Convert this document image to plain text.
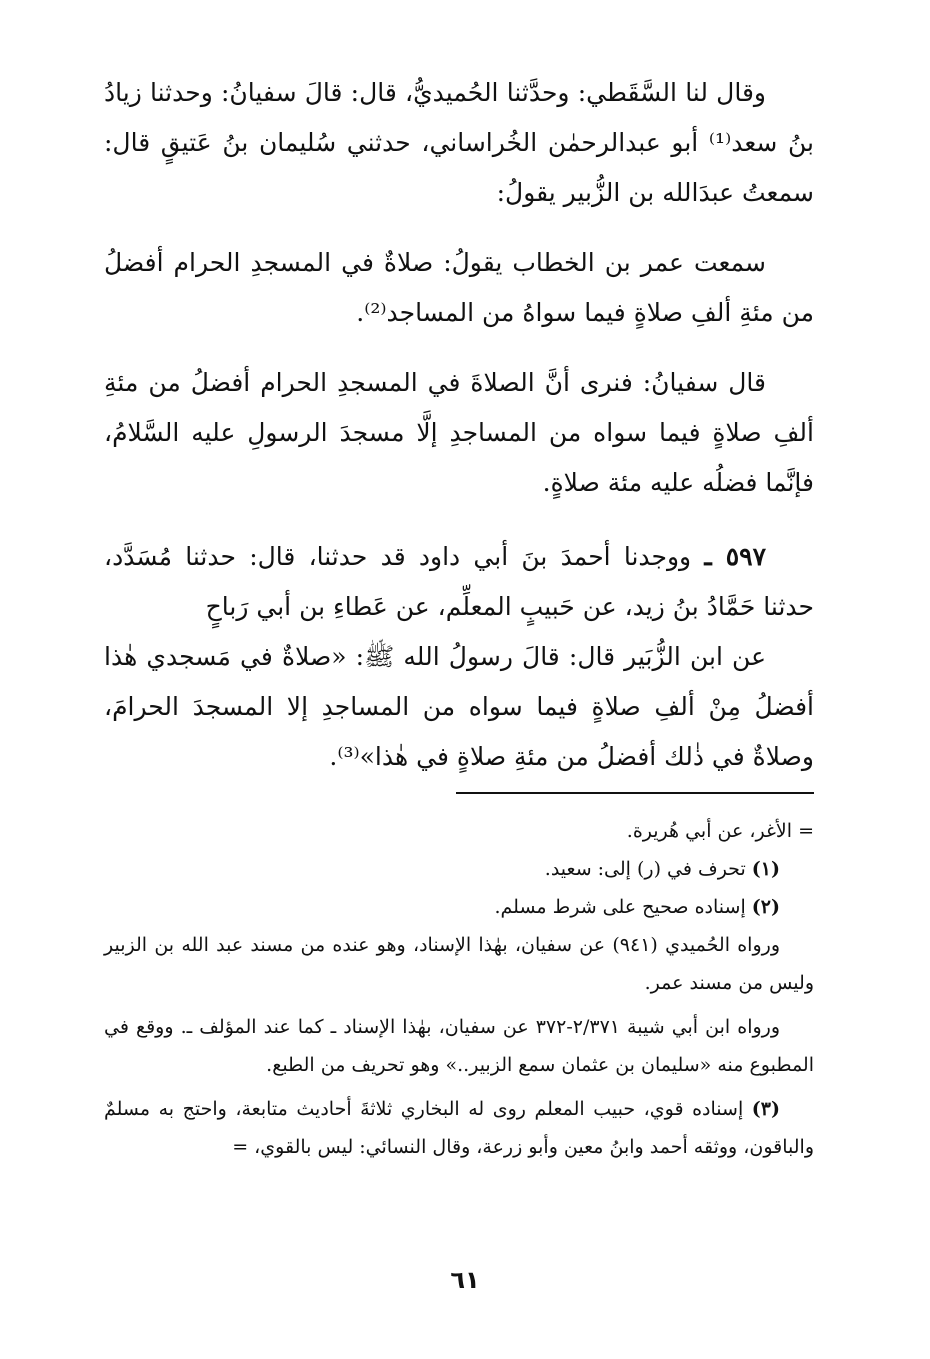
وقال لنا السَّقَطي: وحدَّثنا الحُميديُّ، قال: قالَ سفيانُ: وحدثنا زيادُ بنُ سعد⁽¹⁾ أبو عبدالرحمٰن الخُراساني، حدثني سُليمان بنُ عَتيقٍ قال: سمعتُ عبدَالله بن الزُّبير يقولُ:

سمعت عمر بن الخطاب يقولُ: صلاةٌ في المسجدِ الحرام أفضلُ من مئةِ ألفِ صلاةٍ فيما سواهُ من المساجد⁽²⁾.

قال سفيانُ: فنرى أنَّ الصلاةَ في المسجدِ الحرام أفضلُ من مئةِ ألفِ صلاةٍ فيما سواه من المساجدِ إلَّا مسجدَ الرسولِ عليه السَّلامُ، فإنَّما فضلُه عليه مئة صلاةٍ.

٥٩٧ ـ ووجدنا أحمدَ بنَ أبي داود قد حدثنا، قال: حدثنا مُسَدَّد، حدثنا حَمَّادُ بنُ زيد، عن حَبيبٍ المعلِّم، عن عَطاءِ بن أبي رَباحٍ

عن ابن الزُّبَير قال: قالَ رسولُ الله ﷺ: «صلاةٌ في مَسجدي هٰذا أفضلُ مِنْ ألفِ صلاةٍ فيما سواه من المساجدِ إلا المسجدَ الحرامَ، وصلاةٌ في ذٰلك أفضلُ من مئةِ صلاةٍ في هٰذا»⁽³⁾.

= الأغر، عن أبي هُريرة.

(١) تحرف في (ر) إلى: سعيد.

(٢) إسناده صحيح على شرط مسلم.

ورواه الحُميدي (٩٤١) عن سفيان، بهٰذا الإسناد، وهو عنده من مسند عبد الله بن الزبير وليس من مسند عمر.

ورواه ابن أبي شيبة ٢/٣٧١-٣٧٢ عن سفيان، بهٰذا الإسناد ـ كما عند المؤلف ـ. ووقع في المطبوع منه «سليمان بن عثمان سمع الزبير..» وهو تحريف من الطبع.

(٣) إسناده قوي، حبيب المعلم روى له البخاري ثلاثةَ أحاديث متابعة، واحتج به مسلمٌ والباقون، ووثقه أحمد وابنُ معين وأبو زرعة، وقال النسائي: ليس بالقوي، =

٦١
